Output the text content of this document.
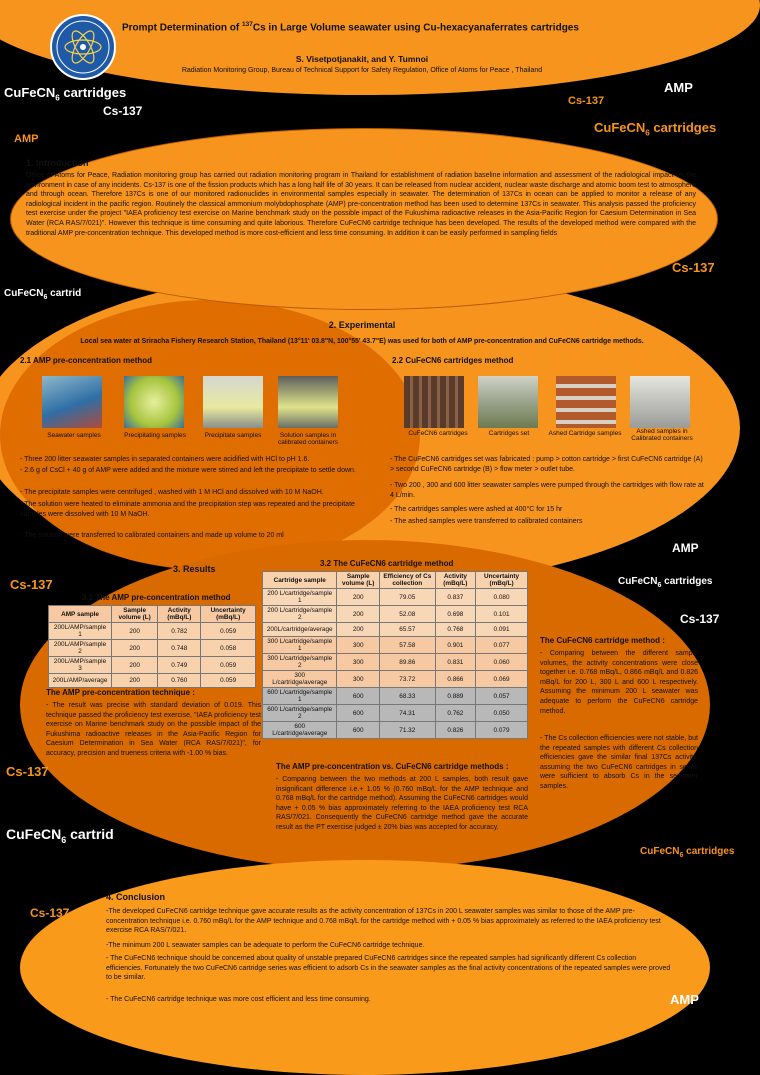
CuFeCN$_6$ cartridges
Cs-137
AMP
Cs-137
AMP
CuFeCN$_6$ cartridges
Cs-137
CuFeCN$_6$ cartrid
AMP
Cs-137	CuFeCN$_6$ cartridges
Cs-137
Cs-137
CuFeCN$_6$ cartrid
CuFeCN$_6$ cartridges
Cs-137
AMP
Prompt Determination of $^{137}$Cs in Large Volume seawater using Cu-hexacyanaferrates cartridges
S. Visetpotjanakit, and Y. Tumnoi
Radiation Monitoring Group, Bureau of Technical Support for Safety Regulation, Office of Atoms for Peace , Thailand
1. Introduction
Office of Atoms for Peace, Radiation monitoring group has carried out radiation monitoring program in Thailand for establishment of radiation baseline information and assessment of the radiological impact on the environment in case of any incidents. Cs-137 is one of the fission products which has a long half life of 30 years. It can be released from nuclear accident, nuclear waste discharge and atomic boom test to atmosphere and through ocean. Therefore 137Cs is one of our monitored radionuclides in environmental samples especially in seawater. The determination of 137Cs in ocean can be applied to monitor a release of any radiological incident in the pacific region. Routinely the classical ammonium molybdophosphate (AMP) pre-concentration method has been used to determine 137Cs in seawater. This analysis passed the proficiency test exercise under the project "IAEA proficiency test exercise on Marine benchmark study on the possible impact of the Fukushima radioactive releases in the Asia-Pacific Region for Caesium Determination in Sea Water (RCA RAS/7/021)". However this technique is time consuming and quite laborious. Therefore CuFeCN6 cartridge technique has been developed. The results of the developed method were compared with the traditional AMP pre-concentration technique. This developed method is more cost-efficient and less time consuming. In addition it can be easily performed in sampling fields
2. Experimental
Local sea water at Sriracha Fishery Research Station, Thailand (13°11' 03.8"N, 100°55' 43.7"E) was used for both of AMP pre-concentration and CuFeCN6 cartridge methods.
2.1 AMP pre-concentration method
Seawater samples	Precipitating samples	Precipitate samples	Solution samples in calibrated containers
- Three 200 litter seawater samples in separated containers were acidified with HCl to pH 1.6.
- 2.6 g of CsCl + 40 g of AMP were added and the mixture were stirred and left the precipitate to settle down.
- The precipitate samples were centrifuged , washed with 1 M HCl and dissolved with 10 M NaOH.
- The solution were heated to eliminate ammonia and the precipitation step was repeated and the precipitate samples were dissolved with 10 M NaOH.
- The solution were transferred to calibrated containers and made up volume to 20 ml
2.2 CuFeCN6 cartridges method
CuFeCN6 cartridges	Cartridges set	Ashed Cartridge samples	Ashed samples in Calibrated containers
- The CuFeCN6 cartridges set was fabricated : pump > cotton cartridge > first CuFeCN6 cartridge (A) > second CuFeCN6 cartridge (B) > flow meter > outlet tube.
- Two 200 , 300 and 600 litter seawater samples were pumped through the cartridges with flow rate at 4 L/min.
- The cartridges samples were ashed at 400°C for 15 hr
- The ashed samples were transferred to calibrated containers
3. Results
3.1 The AMP pre-concentration method
AMP sample	Sample volume (L)	Activity (mBq/L)	Uncertainty (mBq/L)
200L/AMP/sample 1	200	0.782	0.059
200L/AMP/sample 2	200	0.748	0.058
200L/AMP/sample 3	200	0.749	0.059
200L/AMP/average	200	0.760	0.059
3.2 The CuFeCN6 cartridge method
Cartridge sample	Sample volume (L)	Efficiency of Cs collection	Activity (mBq/L)	Uncertainty (mBq/L)
200 L/cartridge/sample 1	200	79.05	0.837	0.080
200 L/cartridge/sample 2	200	52.08	0.698	0.101
200L/cartridge/average	200	65.57	0.768	0.091
300 L/cartridge/sample 1	300	57.58	0.901	0.077
300 L/cartridge/sample 2	300	89.86	0.831	0.060
300 L/cartridge/average	300	73.72	0.866	0.069
600 L/cartridge/sample 1	600	68.33	0.889	0.057
600 L/cartridge/sample 2	600	74.31	0.762	0.050
600 L/cartridge/average	600	71.32	0.826	0.079
The AMP pre-concentration technique :
- The result was precise with standard deviation of 0.019. This technique passed the proficiency test exercise, "IAEA proficiency test exercise on Marine benchmark study on the possible impact of the Fukushima radioactive releases in the Asia-Pacific Region for Caesium Determination in Sea Water (RCA RAS/7/021)", for accuracy, precision and trueness criteria with -1.00 % bias.
The AMP pre-concentration vs. CuFeCN6 cartridge methods :
- Comparing between the two methods at 200 L samples, both result gave insignificant difference i.e.+ 1.05 % (0.760 mBq/L for the AMP technique and 0.768 mBq/L for the cartridge method). Assuming the CuFeCN6 cartridges would have + 0.05 % bias approximately referring to the IAEA proficiency test RCA RAS/7/021. Consequently the CuFeCN6 cartridge method gave the accurate result as the PT exercise judged ± 20% bias was accepted for accuracy.
The CuFeCN6 cartridge method :
- Comparing between the different sample volumes, the activity concentrations were close together i.e. 0.768 mBq/L, 0.866 mBq/L and 0.826 mBq/L for 200 L, 300 L and 600 L respectively. Assuming the minimum 200 L seawater was adequate to perform the CuFeCN6 cartridge method.
- The Cs collection efficiencies were not stable, but the repeated samples with different Cs collection efficiencies gave the similar final 137Cs activity, assuming the two CuFeCN6 cartridges in series were sufficient to absorb Cs in the seawater samples.
4. Conclusion
-The developed CuFeCN6 cartridge technique gave accurate results as the activity concentration of 137Cs in 200 L seawater samples was similar to those of the AMP pre-concentration technique i.e. 0.760 mBq/L for the AMP technique and 0.768 mBq/L for the cartridge method with + 0.05 % bias approximately as referred to the IAEA proficiency test exercise RCA RAS/7/021.
-The minimum 200 L seawater samples can be adequate to perform the CuFeCN6 cartridge technique.
- The CuFeCN6 technique should be concerned about quality of unstable prepared CuFeCN6 cartridges since the repeated samples had significantly different Cs collection efficiencies. Fortunately the two CuFeCN6 cartridge series was efficient to adsorb Cs in the seawater samples as the final activity concentrations of the repeated samples were proved to be similar.
- The CuFeCN6 cartridge technique was more cost efficient and less time consuming.
